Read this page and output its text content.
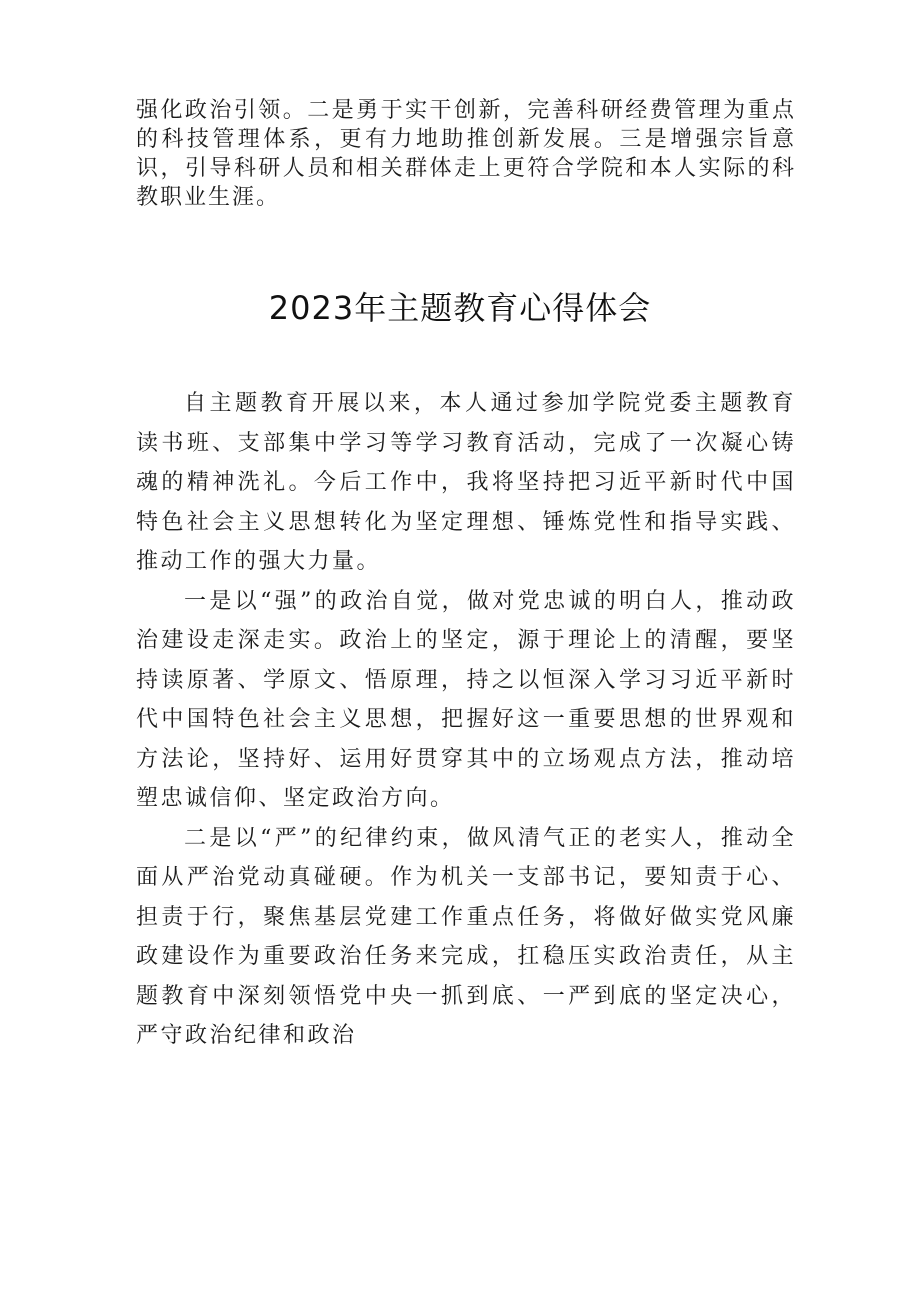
强化政治引领。二是勇于实干创新，完善科研经费管理为重点的科技管理体系，更有力地助推创新发展。三是增强宗旨意识，引导科研人员和相关群体走上更符合学院和本人实际的科教职业生涯。
2023年主题教育心得体会

自主题教育开展以来，本人通过参加学院党委主题教育读书班、支部集中学习等学习教育活动，完成了一次凝心铸魂的精神洗礼。今后工作中，我将坚持把习近平新时代中国特色社会主义思想转化为坚定理想、锤炼党性和指导实践、推动工作的强大力量。

一是以“强”的政治自觉，做对党忠诚的明白人，推动政治建设走深走实。政治上的坚定，源于理论上的清醒，要坚持读原著、学原文、悟原理，持之以恒深入学习习近平新时代中国特色社会主义思想，把握好这一重要思想的世界观和方法论，坚持好、运用好贯穿其中的立场观点方法，推动培塑忠诚信仰、坚定政治方向。

二是以“严”的纪律约束，做风清气正的老实人，推动全面从严治党动真碰硬。作为机关一支部书记，要知责于心、担责于行，聚焦基层党建工作重点任务，将做好做实党风廉政建设作为重要政治任务来完成，扛稳压实政治责任，从主题教育中深刻领悟党中央一抓到底、一严到底的坚定决心，严守政治纪律和政治
